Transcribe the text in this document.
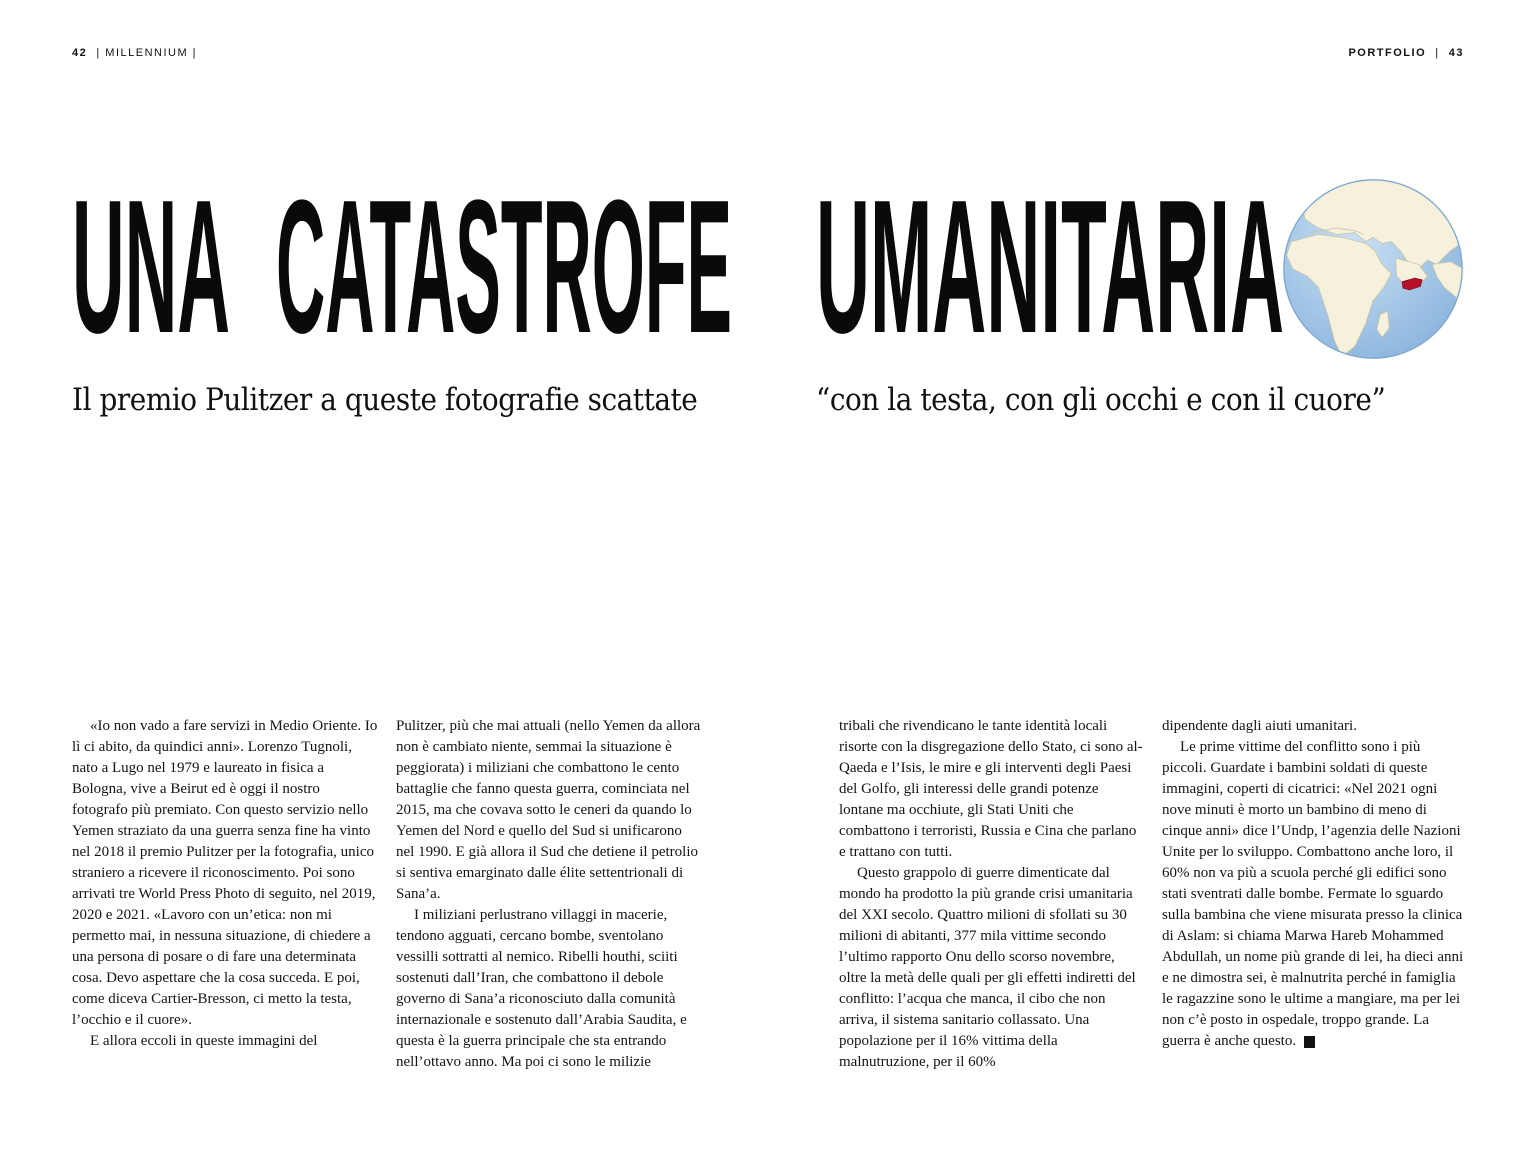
42 | MILLENNIUM |	PORTFOLIO | 43
UNA CATASTROFE UMANITARIA
Il premio Pulitzer a queste fotografie scattate	“con la testa, con gli occhi e con il cuore”

«Io non vado a fare servizi in Medio Oriente. Io lì ci abito, da quindici anni». Lorenzo Tugnoli, nato a Lugo nel 1979 e laureato in fisica a Bologna, vive a Beirut ed è oggi il nostro fotografo più premiato. Con questo servizio nello Yemen straziato da una guerra senza fine ha vinto nel 2018 il premio Pulitzer per la fotografia, unico straniero a ricevere il riconoscimento. Poi sono arrivati tre World Press Photo di seguito, nel 2019, 2020 e 2021. «Lavoro con un’etica: non mi permetto mai, in nessuna situazione, di chiedere a una persona di posare o di fare una determinata cosa. Devo aspettare che la cosa succeda. E poi, come diceva Cartier-Bresson, ci metto la testa, l’occhio e il cuore».

E allora eccoli in queste immagini del

Pulitzer, più che mai attuali (nello Yemen da allora non è cambiato niente, semmai la situazione è peggiorata) i miliziani che combattono le cento battaglie che fanno questa guerra, cominciata nel 2015, ma che covava sotto le ceneri da quando lo Yemen del Nord e quello del Sud si unificarono nel 1990. E già allora il Sud che detiene il petrolio si sentiva emarginato dalle élite settentrionali di Sana’a.

I miliziani perlustrano villaggi in macerie, tendono agguati, cercano bombe, sventolano vessilli sottratti al nemico. Ribelli houthi, sciiti sostenuti dall’Iran, che combattono il debole governo di Sana’a riconosciuto dalla comunità internazionale e sostenuto dall’Arabia Saudita, e questa è la guerra principale che sta entrando nell’ottavo anno. Ma poi ci sono le milizie

tribali che rivendicano le tante identità locali risorte con la disgregazione dello Stato, ci sono al-Qaeda e l’Isis, le mire e gli interventi degli Paesi del Golfo, gli interessi delle grandi potenze lontane ma occhiute, gli Stati Uniti che combattono i terroristi, Russia e Cina che parlano e trattano con tutti.

Questo grappolo di guerre dimenticate dal mondo ha prodotto la più grande crisi umanitaria del XXI secolo. Quattro milioni di sfollati su 30 milioni di abitanti, 377 mila vittime secondo l’ultimo rapporto Onu dello scorso novembre, oltre la metà delle quali per gli effetti indiretti del conflitto: l’acqua che manca, il cibo che non arriva, il sistema sanitario collassato. Una popolazione per il 16% vittima della malnutruzione, per il 60%

dipendente dagli aiuti umanitari.

Le prime vittime del conflitto sono i più piccoli. Guardate i bambini soldati di queste immagini, coperti di cicatrici: «Nel 2021 ogni nove minuti è morto un bambino di meno di cinque anni» dice l’Undp, l’agenzia delle Nazioni Unite per lo sviluppo. Combattono anche loro, il 60% non va più a scuola perché gli edifici sono stati sventrati dalle bombe. Fermate lo sguardo sulla bambina che viene misurata presso la clinica di Aslam: si chiama Marwa Hareb Mohammed Abdullah, un nome più grande di lei, ha dieci anni e ne dimostra sei, è malnutrita perché in famiglia le ragazzine sono le ultime a mangiare, ma per lei non c’è posto in ospedale, troppo grande. La guerra è anche questo.	M
